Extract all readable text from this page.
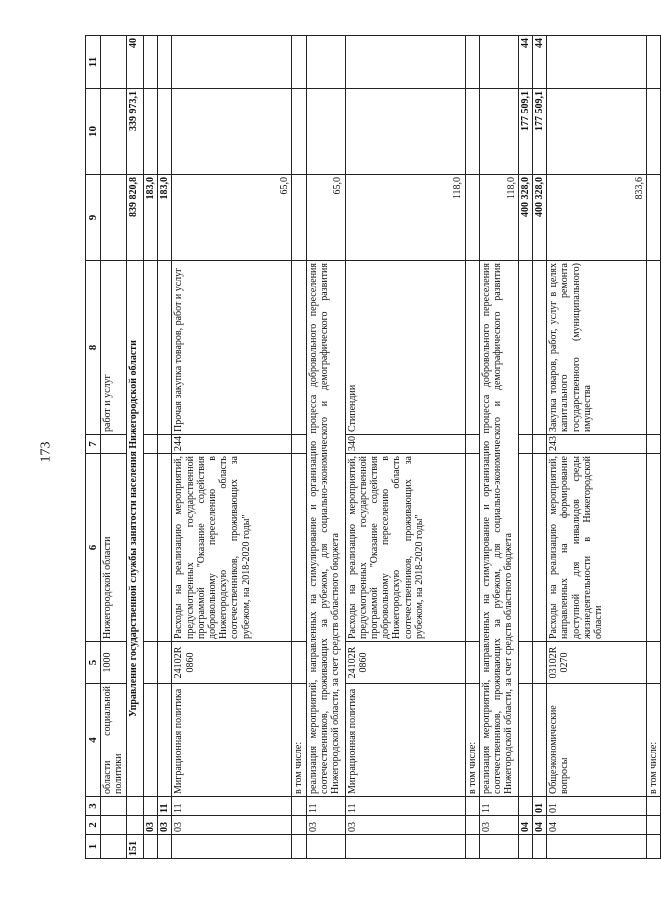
173
1	2	3	4	5	6	7	8	9	10	11
			области социальной политики	1000	Нижегородской области		работ и услуг			
151			Управление государственной службы занятости населения Нижегородской области					839 820,8	339 973,1	40
	03							183,0		
	03	11						183,0		
	03	11	Миграционная политика	24102R 0860	Расходы на реализацию мероприятий, предусмотренных государственной программой "Оказание содействия добровольному переселению в Нижегородскую область соотечественников, проживающих за рубежом, на 2018-2020 годы"	244	Прочая закупка товаров, работ и услуг	65,0		
			в том числе:							
	03	11	реализация мероприятий, направленных на стимулирование и организацию процесса добровольного переселения соотечественников, проживающих за рубежом, для социально-экономического и демографического развития Нижегородской области, за счет средств областного бюджета					65,0		
	03	11	Миграционная политика	24102R 0860	Расходы на реализацию мероприятий, предусмотренных государственной программой "Оказание содействия добровольному переселению в Нижегородскую область соотечественников, проживающих за рубежом, на 2018-2020 годы"	340	Стипендии	118,0		
			в том числе:							
	03	11	реализация мероприятий, направленных на стимулирование и организацию процесса добровольного переселения соотечественников, проживающих за рубежом, для социально-экономического и демографического развития Нижегородской области, за счет средств областного бюджета					118,0		
	04							400 328,0	177 509,1	44
	04	01						400 328,0	177 509,1	44
	04	01	Общеэкономические вопросы	03102R 0270	Расходы на реализацию мероприятий, направленных на формирование доступной для инвалидов среды жизнедеятельности в Нижегородской области	243	Закупка товаров, работ, услуг в целях капитального ремонта государственного (муниципального) имущества	833,6		
			в том числе:							
